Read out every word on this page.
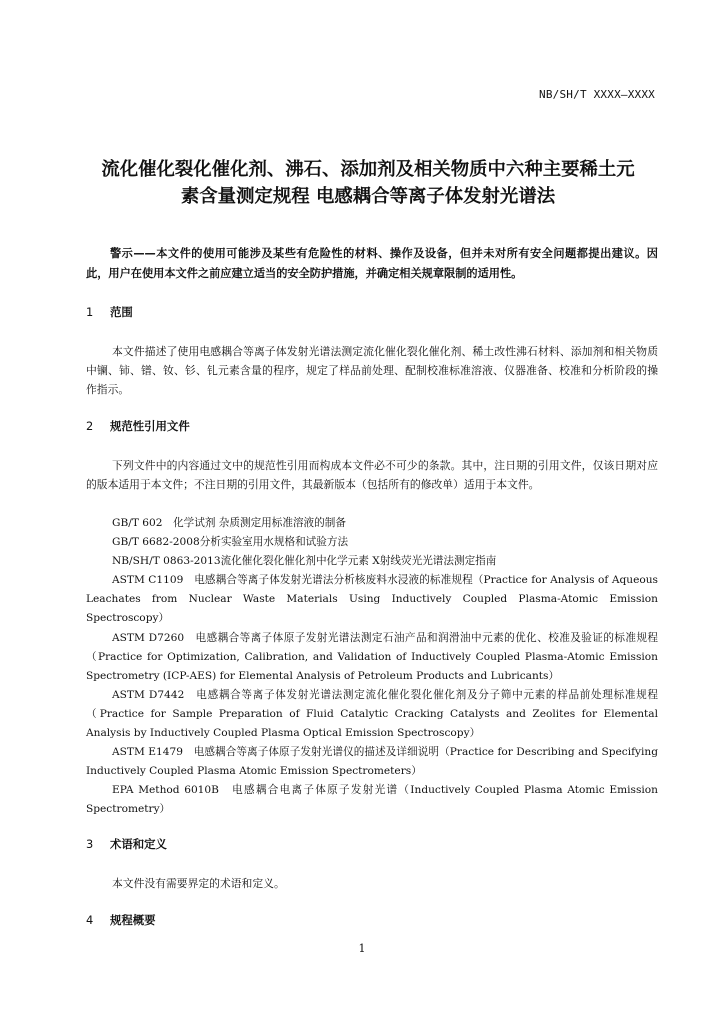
NB/SH/T XXXX—XXXX
流化催化裂化催化剂、沸石、添加剂及相关物质中六种主要稀土元
素含量测定规程 电感耦合等离子体发射光谱法

警示——本文件的使用可能涉及某些有危险性的材料、操作及设备，但并未对所有安全问题都提出建议。因此，用户在使用本文件之前应建立适当的安全防护措施，并确定相关规章限制的适用性。

1 范围

本文件描述了使用电感耦合等离子体发射光谱法测定流化催化裂化催化剂、稀土改性沸石材料、添加剂和相关物质中镧、铈、镨、钕、钐、钆元素含量的程序，规定了样品前处理、配制校准标准溶液、仪器准备、校准和分析阶段的操作指示。

2 规范性引用文件

下列文件中的内容通过文中的规范性引用而构成本文件必不可少的条款。其中，注日期的引用文件，仅该日期对应的版本适用于本文件；不注日期的引用文件，其最新版本（包括所有的修改单）适用于本文件。

GB/T 602　化学试剂 杂质测定用标准溶液的制备

GB/T 6682-2008分析实验室用水规格和试验方法

NB/SH/T 0863-2013流化催化裂化催化剂中化学元素 X射线荧光光谱法测定指南

ASTM C1109　电感耦合等离子体发射光谱法分析核废料水浸液的标准规程（Practice for Analysis of Aqueous Leachates from Nuclear Waste Materials Using Inductively Coupled Plasma-Atomic Emission Spectroscopy）

ASTM D7260　电感耦合等离子体原子发射光谱法测定石油产品和润滑油中元素的优化、校准及验证的标准规程（Practice for Optimization, Calibration, and Validation of Inductively Coupled Plasma-Atomic Emission Spectrometry (ICP-AES) for Elemental Analysis of Petroleum Products and Lubricants）

ASTM D7442　电感耦合等离子体发射光谱法测定流化催化裂化催化剂及分子筛中元素的样品前处理标准规程（Practice for Sample Preparation of Fluid Catalytic Cracking Catalysts and Zeolites for Elemental Analysis by Inductively Coupled Plasma Optical Emission Spectroscopy）

ASTM E1479　电感耦合等离子体原子发射光谱仪的描述及详细说明（Practice for Describing and Specifying Inductively Coupled Plasma Atomic Emission Spectrometers）

EPA Method 6010B　电感耦合电离子体原子发射光谱（Inductively Coupled Plasma Atomic Emission Spectrometry）

3 术语和定义

本文件没有需要界定的术语和定义。

4 规程概要

1
